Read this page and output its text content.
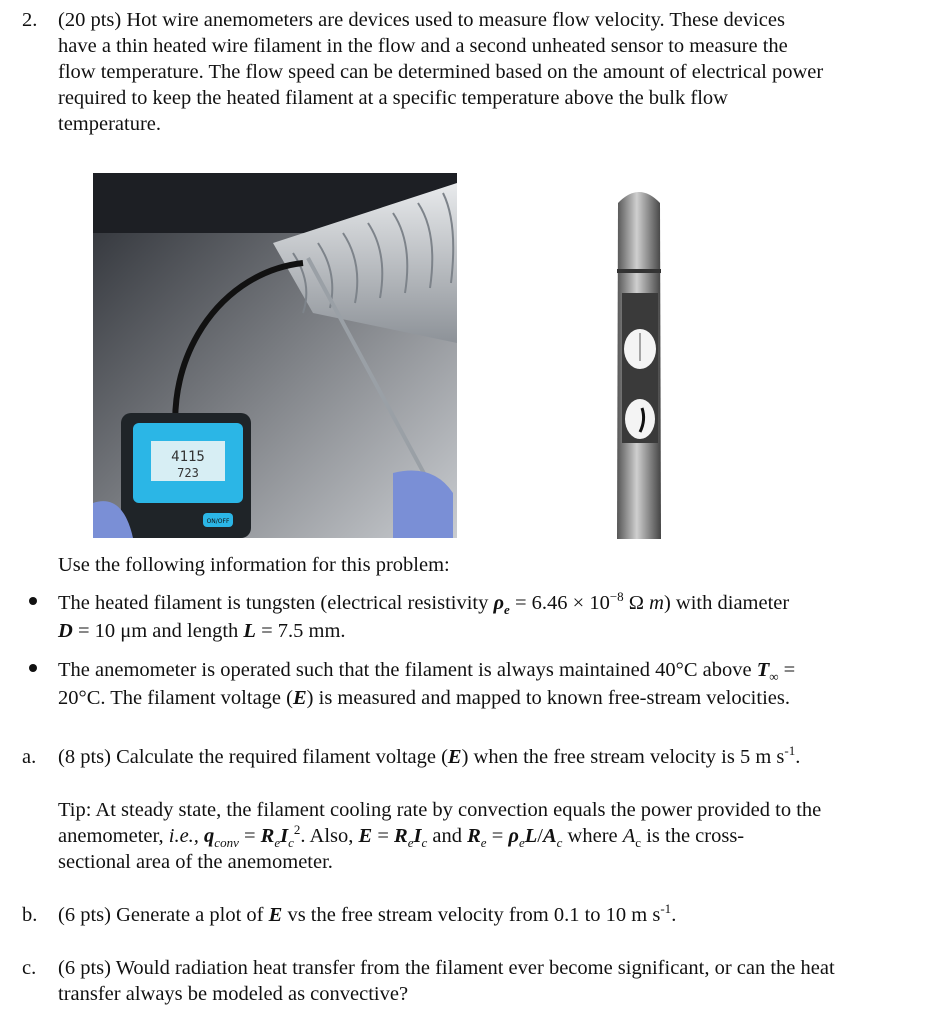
2. (20 pts) Hot wire anemometers are devices used to measure flow velocity. These devices
have a thin heated wire filament in the flow and a second unheated sensor to measure the
flow temperature. The flow speed can be determined based on the amount of electrical power
required to keep the heated filament at a specific temperature above the bulk flow
temperature.
4115
723
ON/OFF
Use the following information for this problem:
The heated filament is tungsten (electrical resistivity $\rho_e = 6.46 \times 10^{-8}$ Ω m) with diameter
D = 10 μm and length L = 7.5 mm.
The anemometer is operated such that the filament is always maintained 40°C above $T_\infty$ =
20°C. The filament voltage (E) is measured and mapped to known free-stream velocities.
a. (8 pts) Calculate the required filament voltage (E) when the free stream velocity is 5 m $s^{-1}$.
Tip: At steady state, the filament cooling rate by convection equals the power provided to the
anemometer, i.e., $q_{conv} = R_eI_c^2$. Also, $E = R_eI_c$ and $R_e = \rho_eL/A_c$ where $A_c$ is the cross-
sectional area of the anemometer.
b. (6 pts) Generate a plot of E vs the free stream velocity from 0.1 to 10 m $s^{-1}$.
c. (6 pts) Would radiation heat transfer from the filament ever become significant, or can the heat
transfer always be modeled as convective?
